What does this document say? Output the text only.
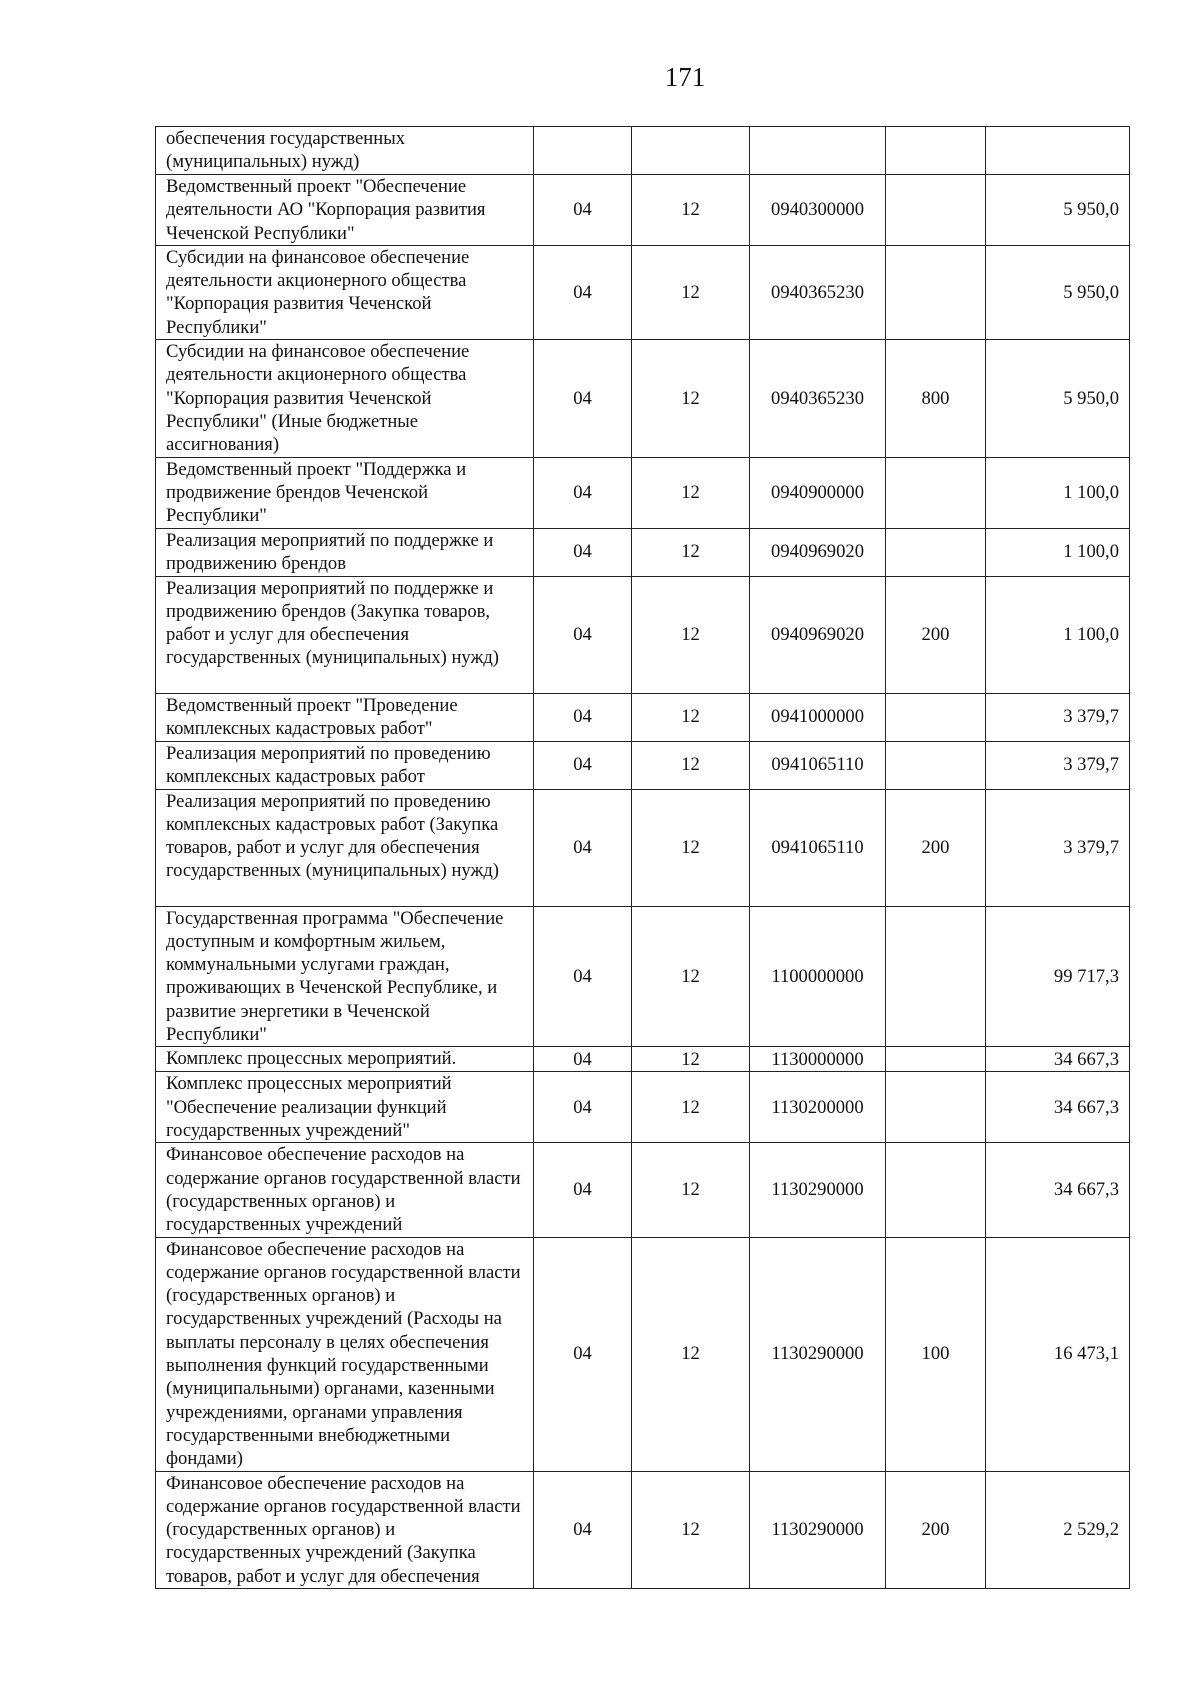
171
обеспечения государственных (муниципальных) нужд)					
Ведомственный проект "Обеспечение деятельности АО "Корпорация развития Чеченской Республики"	04	12	0940300000		5 950,0
Субсидии на финансовое обеспечение деятельности акционерного общества "Корпорация развития Чеченской Республики"	04	12	0940365230		5 950,0
Субсидии на финансовое обеспечение деятельности акционерного общества "Корпорация развития Чеченской Республики" (Иные бюджетные ассигнования)	04	12	0940365230	800	5 950,0
Ведомственный проект "Поддержка и продвижение брендов Чеченской Республики"	04	12	0940900000		1 100,0
Реализация мероприятий по поддержке и продвижению брендов	04	12	0940969020		1 100,0
Реализация мероприятий по поддержке и продвижению брендов (Закупка товаров, работ и услуг для обеспечения государственных (муниципальных) нужд)	04	12	0940969020	200	1 100,0
Ведомственный проект "Проведение комплексных кадастровых работ"	04	12	0941000000		3 379,7
Реализация мероприятий по проведению комплексных кадастровых работ	04	12	0941065110		3 379,7
Реализация мероприятий по проведению комплексных кадастровых работ (Закупка товаров, работ и услуг для обеспечения государственных (муниципальных) нужд)	04	12	0941065110	200	3 379,7
Государственная программа "Обеспечение доступным и комфортным жильем, коммунальными услугами граждан, проживающих в Чеченской Республике, и развитие энергетики в Чеченской Республики"	04	12	1100000000		99 717,3
Комплекс процессных мероприятий.	04	12	1130000000		34 667,3
Комплекс процессных мероприятий "Обеспечение реализации функций государственных учреждений"	04	12	1130200000		34 667,3
Финансовое обеспечение расходов на содержание органов государственной власти (государственных органов) и государственных учреждений	04	12	1130290000		34 667,3
Финансовое обеспечение расходов на содержание органов государственной власти (государственных органов) и государственных учреждений (Расходы на выплаты персоналу в целях обеспечения выполнения функций государственными (муниципальными) органами, казенными учреждениями, органами управления государственными внебюджетными фондами)	04	12	1130290000	100	16 473,1
Финансовое обеспечение расходов на содержание органов государственной власти (государственных органов) и государственных учреждений (Закупка товаров, работ и услуг для обеспечения	04	12	1130290000	200	2 529,2
